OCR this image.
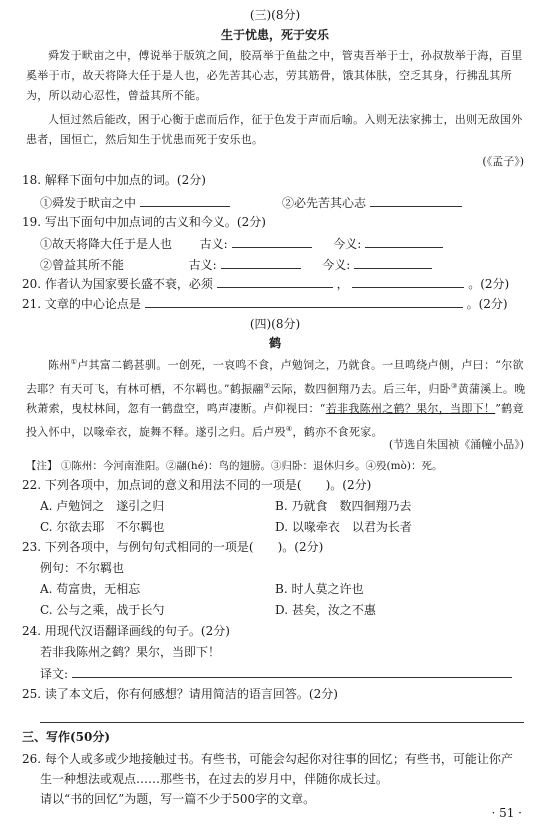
(三)(8分)
生于忧患，死于安乐
舜发于畎亩之中，傅说举于版筑之间，胶鬲举于鱼盐之中，管夷吾举于士，孙叔敖举于海，百里奚举于市，故天将降大任于是人也，必先苦其心志，劳其筋骨，饿其体肤，空乏其身，行拂乱其所为，所以动心忍性，曾益其所不能。
人恒过然后能改，困于心衡于虑而后作，征于色发于声而后喻。入则无法家拂士，出则无敌国外患者，国恒亡，然后知生于忧患而死于安乐也。
(《孟子》)
18. 解释下面句中加点的词。(2分)
①舜发于畎亩之中	②必先苦其心志
19. 写出下面句中加点词的古义和今义。(2分)
①故天将降大任于是人也 古义:	今义:
②曾益其所不能	古义:	今义:
20. 作者认为国家要长盛不衰，必须	，	。(2分)
21. 文章的中心论点是	。(2分)
(四)(8分)
鹤
陈州①卢其富二鹤甚驯。一创死，一哀鸣不食，卢勉饲之，乃就食。一旦鸣绕卢侧，卢曰：“尔欲去耶？有天可飞，有林可栖，不尔羁也。”鹤振翮②云际，数四徊翔乃去。后三年，归卧③黄蒲溪上。晚秋萧索，曳杖林间，忽有一鹤盘空，鸣声凄断。卢仰视曰：“若非我陈州之鹤？果尔，当即下！”鹤竟投入怀中，以喙牵衣，旋舞不释。遂引之归。后卢殁④，鹤亦不食死家。
(节选自朱国祯《涌幢小品》)
【注】 ①陈州：今河南淮阳。②翮(hé)：鸟的翅膀。③归卧：退休归乡。④殁(mò)：死。
22. 下列各项中，加点词的意义和用法不同的一项是(　　)。(2分)
A. 卢勉饲之　遂引之归	B. 乃就食　数四徊翔乃去
C. 尔欲去耶　不尔羁也	D. 以喙牵衣　以君为长者
23. 下列各项中，与例句句式相同的一项是(　　)。(2分)
例句：不尔羁也
A. 苟富贵，无相忘	B. 时人莫之许也
C. 公与之乘，战于长勺	D. 甚矣，汝之不惠
24. 用现代汉语翻译画线的句子。(2分)
若非我陈州之鹤？果尔，当即下！
译文:
25. 读了本文后，你有何感想？请用简洁的语言回答。(2分)
三、写作(50分)
26. 每个人或多或少地接触过书。有些书，可能会勾起你对往事的回忆；有些书，可能让你产
生一种想法或观点……那些书，在过去的岁月中，伴随你成长过。
请以“书的回忆”为题，写一篇不少于500字的文章。
· 51 ·
